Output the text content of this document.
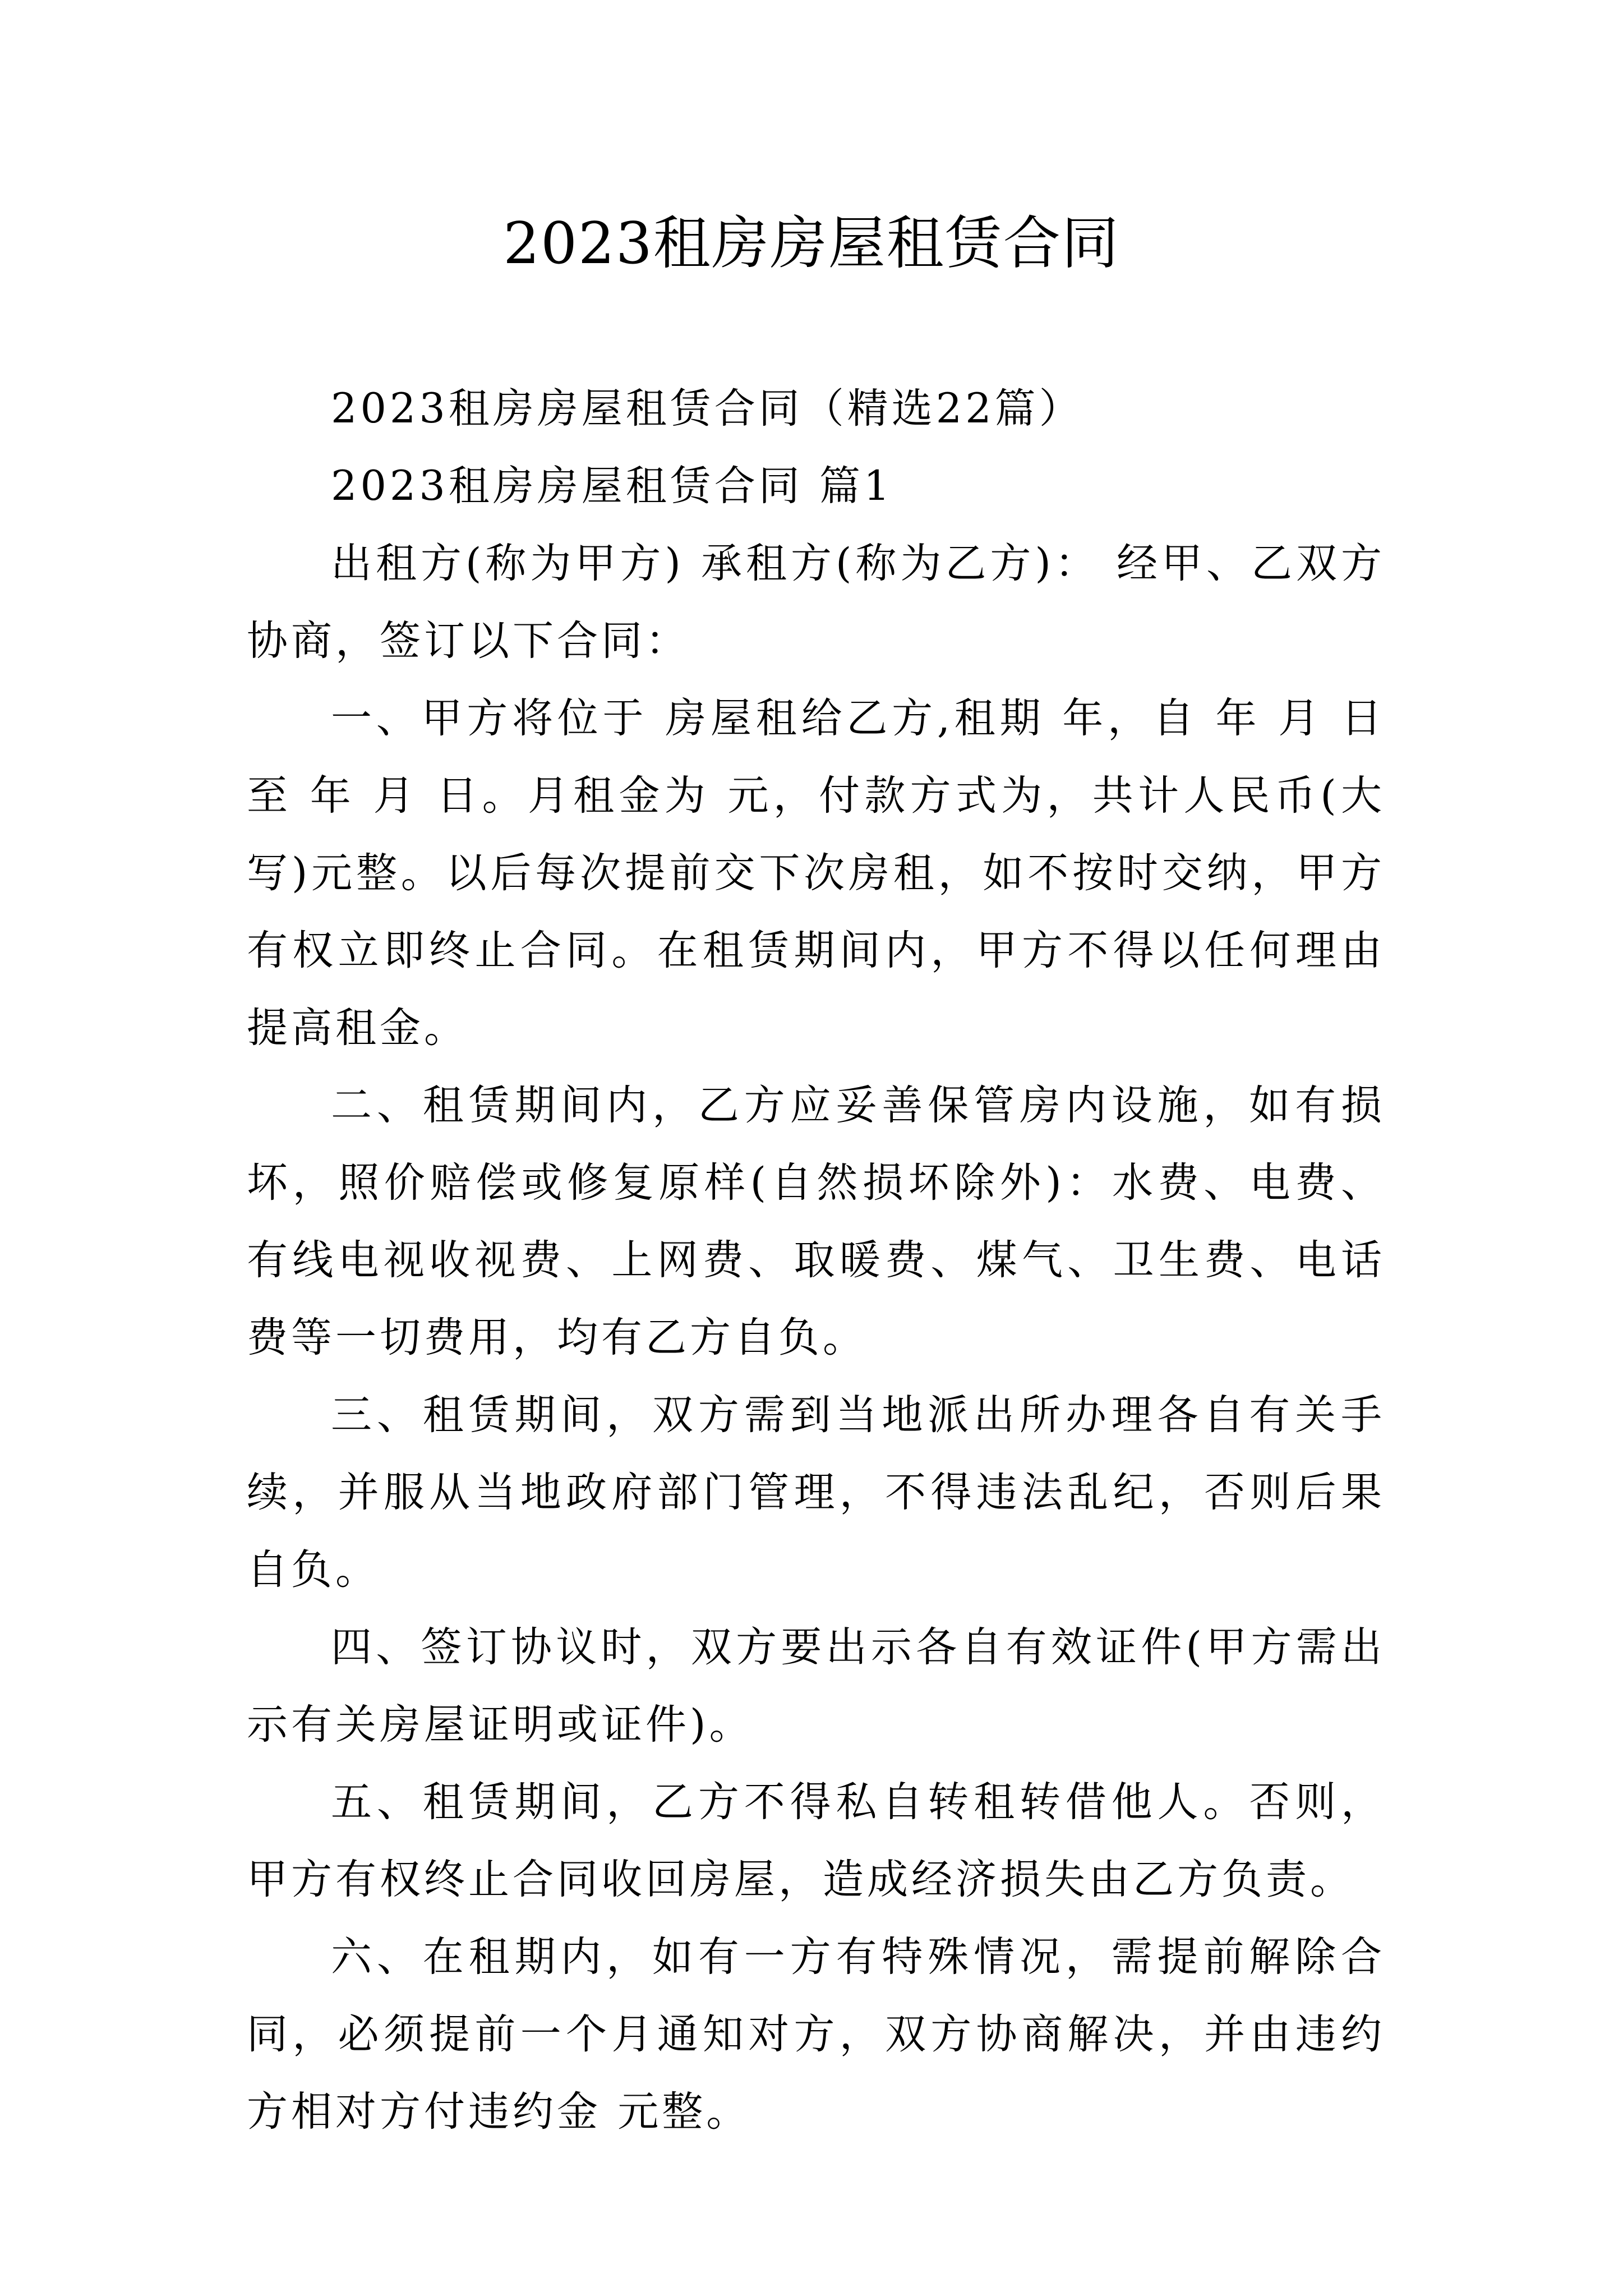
2023租房房屋租赁合同

2023租房房屋租赁合同（精选22篇）

2023租房房屋租赁合同 篇1

出租方(称为甲方) 承租方(称为乙方)： 经甲、乙双方协商，签订以下合同：

一、甲方将位于 房屋租给乙方,租期 年，自 年 月 日至 年 月 日。月租金为 元，付款方式为，共计人民币(大写)元整。以后每次提前交下次房租，如不按时交纳，甲方有权立即终止合同。在租赁期间内，甲方不得以任何理由提高租金。

二、租赁期间内，乙方应妥善保管房内设施，如有损坏，照价赔偿或修复原样(自然损坏除外)：水费、电费、有线电视收视费、上网费、取暖费、煤气、卫生费、电话费等一切费用，均有乙方自负。

三、租赁期间，双方需到当地派出所办理各自有关手续，并服从当地政府部门管理，不得违法乱纪，否则后果自负。

四、签订协议时，双方要出示各自有效证件(甲方需出示有关房屋证明或证件)。

五、租赁期间，乙方不得私自转租转借他人。否则，甲方有权终止合同收回房屋，造成经济损失由乙方负责。

六、在租期内，如有一方有特殊情况，需提前解除合同，必须提前一个月通知对方，双方协商解决，并由违约方相对方付违约金 元整。
